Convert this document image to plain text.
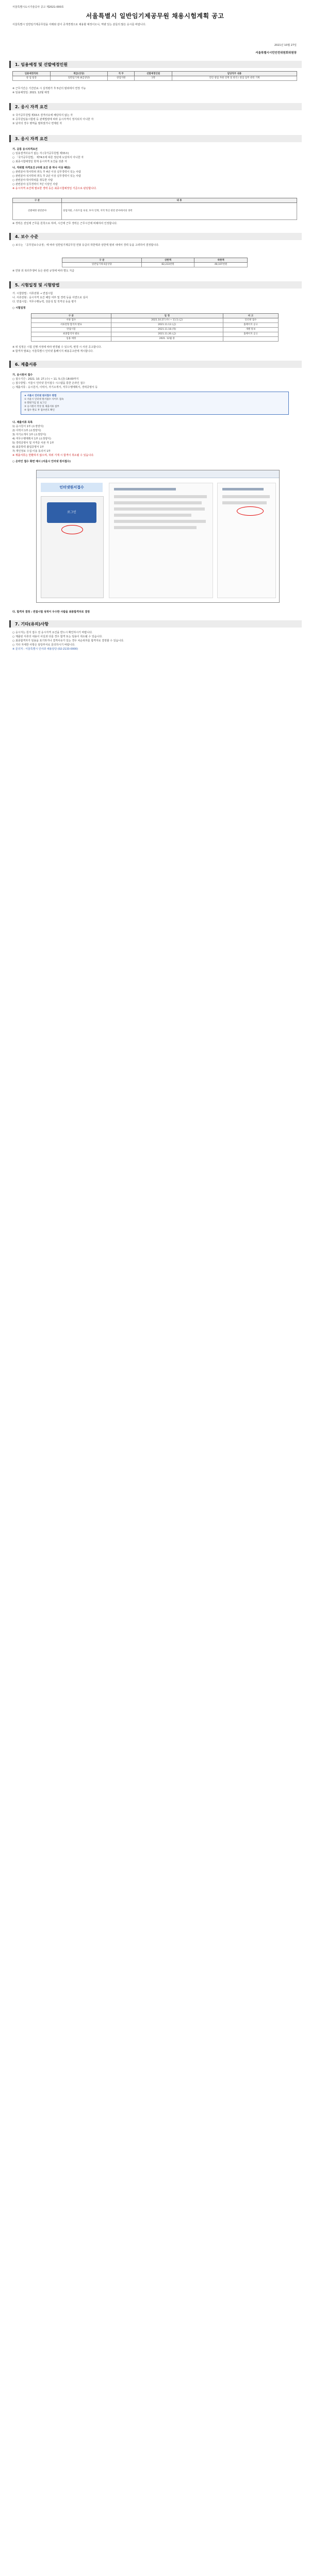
서울특별시도시기술공사 공고 제2021-000호
서울특별시 일반임기제공무원 채용시험계획 공고
서울특별시 일반임기제공무원을 아래와 같이 공개경쟁으로 채용할 예정이오니, 역량 있는 분들의 많은 응시를 바랍니다.
2021년 10월 27일
서울특별시시민안전위원회위원장
1. 임용예정 및 선발예정인원
임용예정직위	계급(상당)	직 무	선발예정인원	담당직무 내용
창 업 팀장	일반임기제 (6급상당)	창업지원	1명	인턴 창업 자원 연계 및 관리 / 창업 업무 관련 기획

※ 근무기간은 기간만료 시 실적평가 후 5년의 범위에서 연장 가능

※ 임용예정일: 2021. 12월 예정

2. 응시 자격 요건

① 국가공무원법 제33조 결격사유에 해당하지 않는 자

② 공무원임용시험령 등 관계법령에 따라 응시자격이 정지되지 아니한 자

③ 남자의 경우 병역을 필하였거나 면제된 자

3. 응시 자격 요건

가. 공통 응시자격요건

○ 임용결격사유가 없는 자 (국가공무원법 제33조)

○ 「국가공무원법」 제74조에 따른 정년에 도달하지 아니한 자

○ 최종시험예정일 현재 응시자격 요건을 갖춘 자

나. 직위별 자격요건 (아래 요건 중 하나 이상 해당)

○ 관련분야 학사학위 취득 후 4년 이상 실무경력이 있는 사람

○ 관련분야 석사학위 취득 후 2년 이상 실무경력이 있는 사람

○ 관련분야 박사학위를 취득한 사람

○ 관련분야 실무경력이 7년 이상인 사람

※ 응시자격 요건에 필요한 경력 등은 최종시험예정일 기준으로 판단합니다.

구 분	내 용
선발예정 관련분야	창업지원, 스타트업 육성, 투자 연계, 지역 혁신 관련 분야에서의 경력

※ 경력은 전일제 근무를 원칙으로 하며, 시간제 근무 경력은 근무시간에 비례하여 인정합니다.

4. 보수 수준

○ 보수는 「공무원보수규정」에 따라 일반임기제공무원 연봉 등급의 하한액과 상한액 범위 내에서 경력 등을 고려하여 결정합니다.

구 분	상한액	하한액
일반임기제 6급상당	82,233천원	48,107천원

※ 연봉 외 복리후생비 등은 관련 규정에 따라 별도 지급

5. 시험일정 및 시험방법

가. 시험방법 : 서류전형 → 면접시험

나. 서류전형 : 응시자격 요건 해당 여부 및 경력 등을 서면으로 심사

다. 면접시험 : 직무수행능력, 전문성 및 적격성 등을 평가

○ 시험일정

구 분	일 정	비 고
서류 접수	2021.10.27.(수) ~ 11.5.(금)	인터넷 접수
서류전형 합격자 발표	2021.11.12.(금)	홈페이지 공고
면접시험	2021.11.18.(목)	개별 통보
최종합격자 발표	2021.11.26.(금)	홈페이지 공고
임용 예정	2021. 12월 중	

※ 위 일정은 시험 진행 사정에 따라 변경될 수 있으며, 변경 시 사전 공고합니다.

※ 합격자 발표는 서울특별시 인터넷 홈페이지 채용공고란에 게시합니다.

6. 제출서류

가. 응시원서 접수

○ 접수기간 : 2021. 10. 27.(수) ~ 11. 5.(금) 18:00까지

○ 접수방법 : 서울시 인터넷 원서접수 시스템을 통한 온라인 접수

○ 제출서류 : 응시원서, 이력서, 자기소개서, 직무수행계획서, 경력증명서 등

★ 서울시 인터넷 원서접수 방법

① 서울시 인터넷 원서접수 사이트 접속

② 회원가입 및 로그인

③ 응시원서 작성 및 제출서류 첨부

④ 접수 완료 후 접수번호 확인

나. 제출서류 목록

1) 응시원서 1부 (소정양식)

2) 이력서 1부 (소정양식)

3) 자기소개서 1부 (소정양식)

4) 직무수행계획서 1부 (소정양식)

5) 경력증명서 및 자격증 사본 각 1부

6) 최종학력 졸업증명서 1부

7) 개인정보 수집·이용 동의서 1부

※ 제출서류는 반환하지 않으며, 허위 기재 시 합격이 취소될 수 있습니다.

○ 온라인 접수 화면 예시 (서울시 인터넷 원서접수)

인터넷원서접수
로그인

다. 합격자 결정 : 면접시험 성적이 우수한 사람을 최종합격자로 결정

7. 기타(유의)사항

○ 응시자는 원서 접수 전 응시자격 요건을 반드시 확인하시기 바랍니다.

○ 제출된 서류의 내용이 사실과 다를 경우 합격 또는 임용이 취소될 수 있습니다.

○ 최종합격자가 임용을 포기하거나 결격사유가 있는 경우 차순위자를 합격자로 결정할 수 있습니다.

○ 기타 자세한 사항은 담당부서로 문의하시기 바랍니다.

※ 문의처 : 서울특별시 인사과 채용담당 (02-2133-0000)
